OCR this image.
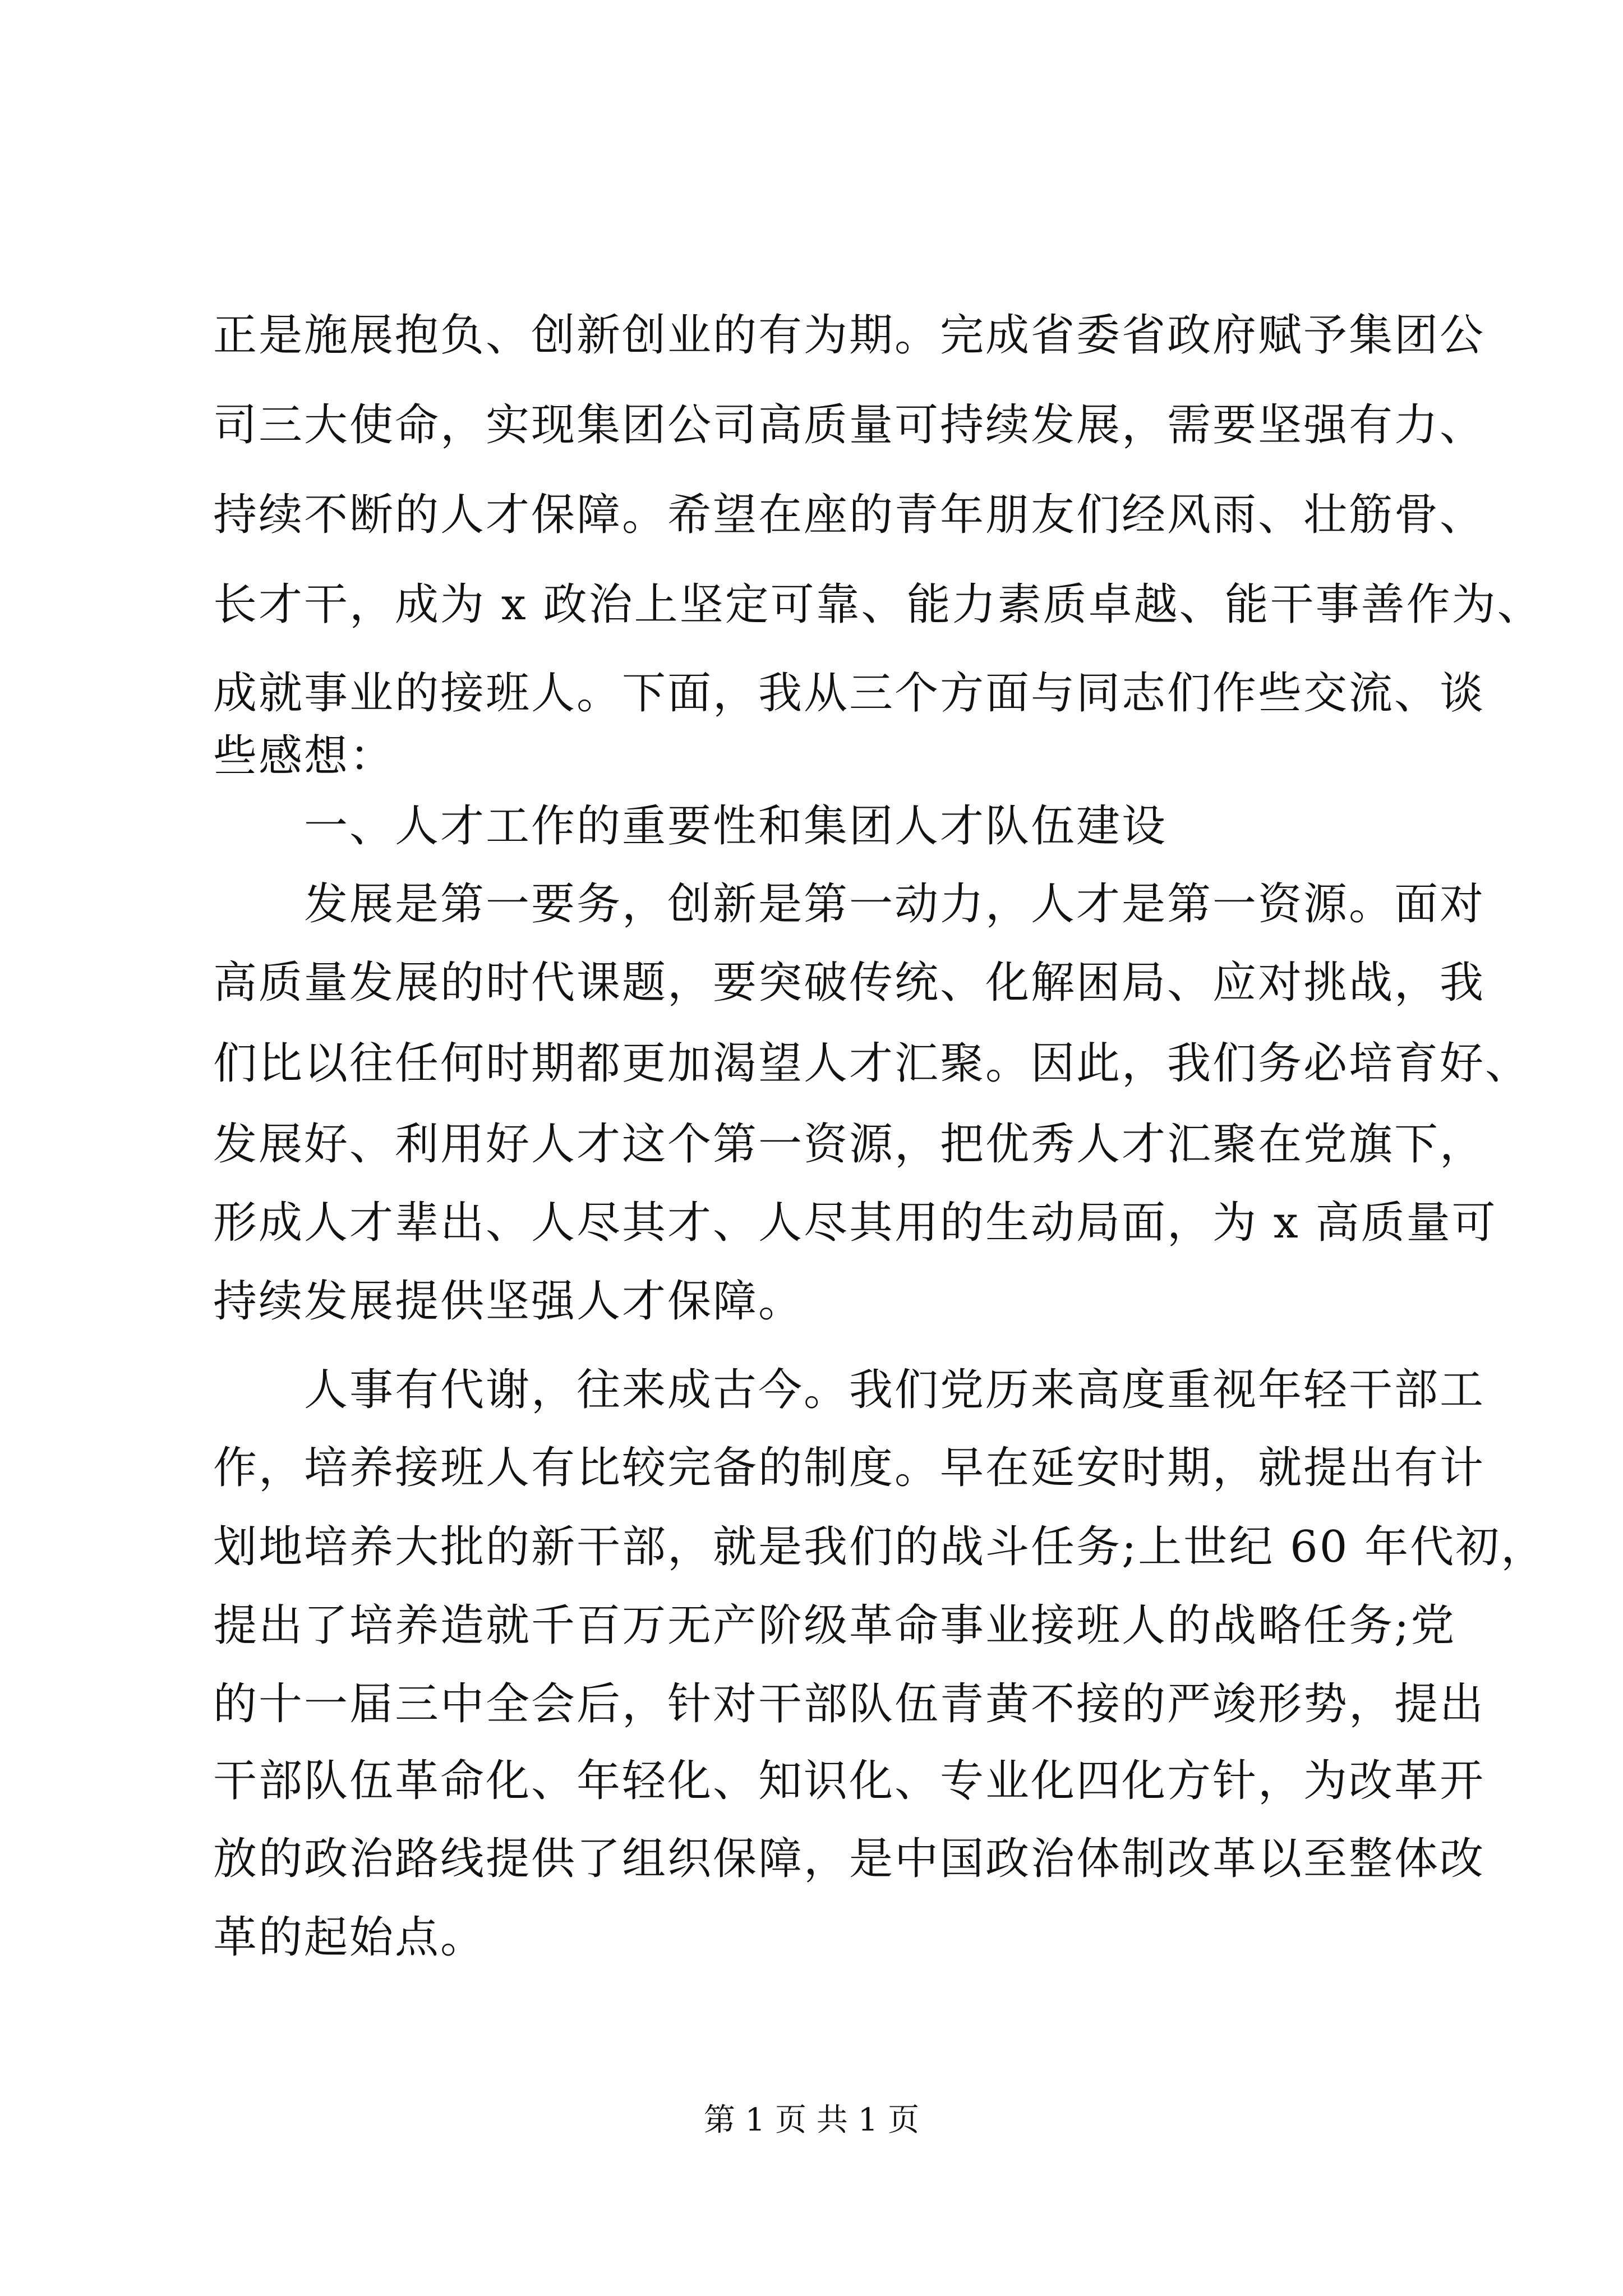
正是施展抱负、创新创业的有为期。完成省委省政府赋予集团公
司三大使命，实现集团公司高质量可持续发展，需要坚强有力、
持续不断的人才保障。希望在座的青年朋友们经风雨、壮筋骨、
长才干，成为 x 政治上坚定可靠、能力素质卓越、能干事善作为、
成就事业的接班人。下面，我从三个方面与同志们作些交流、谈
些感想：
　　一、人才工作的重要性和集团人才队伍建设
　　发展是第一要务，创新是第一动力，人才是第一资源。面对
高质量发展的时代课题，要突破传统、化解困局、应对挑战，我
们比以往任何时期都更加渴望人才汇聚。因此，我们务必培育好、
发展好、利用好人才这个第一资源，把优秀人才汇聚在党旗下，
形成人才辈出、人尽其才、人尽其用的生动局面，为 x 高质量可
持续发展提供坚强人才保障。
　　人事有代谢，往来成古今。我们党历来高度重视年轻干部工
作，培养接班人有比较完备的制度。早在延安时期，就提出有计
划地培养大批的新干部，就是我们的战斗任务;上世纪 60 年代初，
提出了培养造就千百万无产阶级革命事业接班人的战略任务;党
的十一届三中全会后，针对干部队伍青黄不接的严竣形势，提出
干部队伍革命化、年轻化、知识化、专业化四化方针，为改革开
放的政治路线提供了组织保障，是中国政治体制改革以至整体改
革的起始点。
第 1 页 共 1 页
